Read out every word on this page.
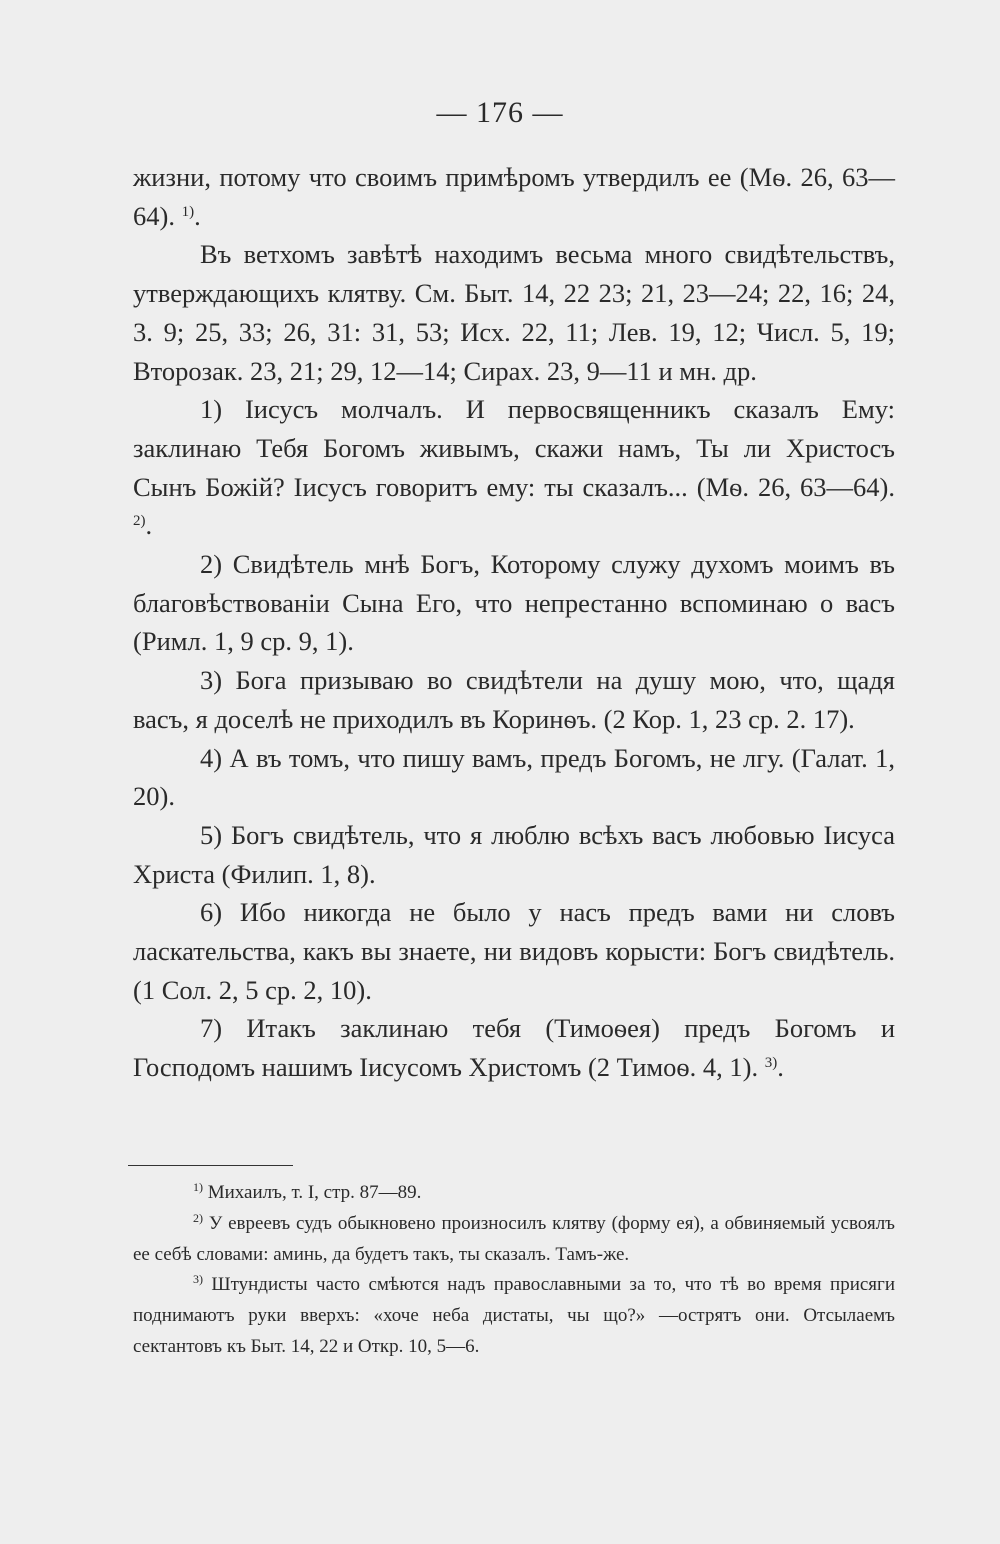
— 176 —

жизни, потому что своимъ примѣромъ утвердилъ ее (Мѳ. 26, 63—64). $^{1)}$.

Въ ветхомъ завѣтѣ находимъ весьма много свидѣтельствъ, утверждающихъ клятву. См. Быт. 14, 22 23; 21, 23—24; 22, 16; 24, 3. 9; 25, 33; 26, 31: 31, 53; Исх. 22, 11; Лев. 19, 12; Числ. 5, 19; Второзак. 23, 21; 29, 12—14; Сирах. 23, 9—11 и мн. др.

1) Іисусъ молчалъ. И первосвященникъ сказалъ Ему: заклинаю Тебя Богомъ живымъ, скажи намъ, Ты ли Христосъ Сынъ Божій? Іисусъ говоритъ ему: ты сказалъ... (Мѳ. 26, 63—64). $^{2)}$.

2) Свидѣтель мнѣ Богъ, Которому служу духомъ моимъ въ благовѣствованіи Сына Его, что непрестанно вспоминаю о васъ (Римл. 1, 9 ср. 9, 1).

3) Бога призываю во свидѣтели на душу мою, что, щадя васъ, я доселѣ не приходилъ въ Коринѳъ. (2 Кор. 1, 23 ср. 2. 17).

4) А въ томъ, что пишу вамъ, предъ Богомъ, не лгу. (Галат. 1, 20).

5) Богъ свидѣтель, что я люблю всѣхъ васъ любовью Іисуса Христа (Филип. 1, 8).

6) Ибо никогда не было у насъ предъ вами ни словъ ласкательства, какъ вы знаете, ни видовъ корысти: Богъ свидѣтель. (1 Сол. 2, 5 ср. 2, 10).

7) Итакъ заклинаю тебя (Тимоѳея) предъ Богомъ и Господомъ нашимъ Іисусомъ Христомъ (2 Тимоѳ. 4, 1). $^{3)}$.

$^{1)}$ Михаилъ, т. I, стр. 87—89.

$^{2)}$ У евреевъ судъ обыкновено произносилъ клятву (форму ея), а обвиняемый усвоялъ ее себѣ словами: аминь, да будетъ такъ, ты сказалъ. Тамъ-же.

$^{3)}$ Штундисты часто смѣются надъ православными за то, что тѣ во время присяги поднимаютъ руки вверхъ: «хоче неба дистаты, чы що?» —острятъ они. Отсылаемъ сектантовъ къ Быт. 14, 22 и Откр. 10, 5—6.
